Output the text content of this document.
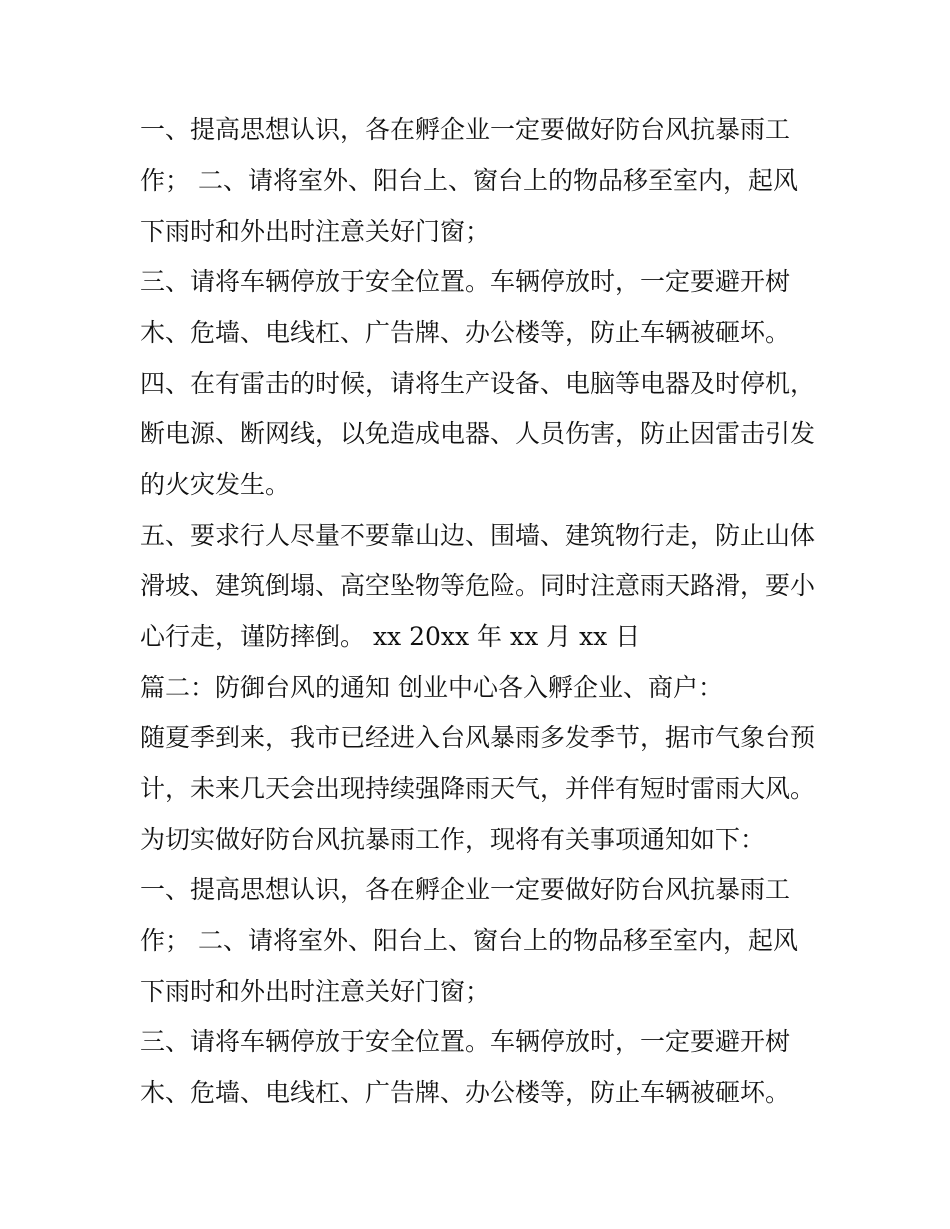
一、提高思想认识，各在孵企业一定要做好防台风抗暴雨工
作； 二、请将室外、阳台上、窗台上的物品移至室内，起风
下雨时和外出时注意关好门窗；
三、请将车辆停放于安全位置。车辆停放时，一定要避开树
木、危墙、电线杠、广告牌、办公楼等，防止车辆被砸坏。
四、在有雷击的时候，请将生产设备、电脑等电器及时停机，
断电源、断网线，以免造成电器、人员伤害，防止因雷击引发
的火灾发生。
五、要求行人尽量不要靠山边、围墙、建筑物行走，防止山体
滑坡、建筑倒塌、高空坠物等危险。同时注意雨天路滑，要小
心行走，谨防摔倒。 xx 20xx 年 xx 月 xx 日
篇二：防御台风的通知 创业中心各入孵企业、商户：
随夏季到来，我市已经进入台风暴雨多发季节，据市气象台预
计，未来几天会出现持续强降雨天气，并伴有短时雷雨大风。
为切实做好防台风抗暴雨工作，现将有关事项通知如下：
一、提高思想认识，各在孵企业一定要做好防台风抗暴雨工
作； 二、请将室外、阳台上、窗台上的物品移至室内，起风
下雨时和外出时注意关好门窗；
三、请将车辆停放于安全位置。车辆停放时，一定要避开树
木、危墙、电线杠、广告牌、办公楼等，防止车辆被砸坏。
